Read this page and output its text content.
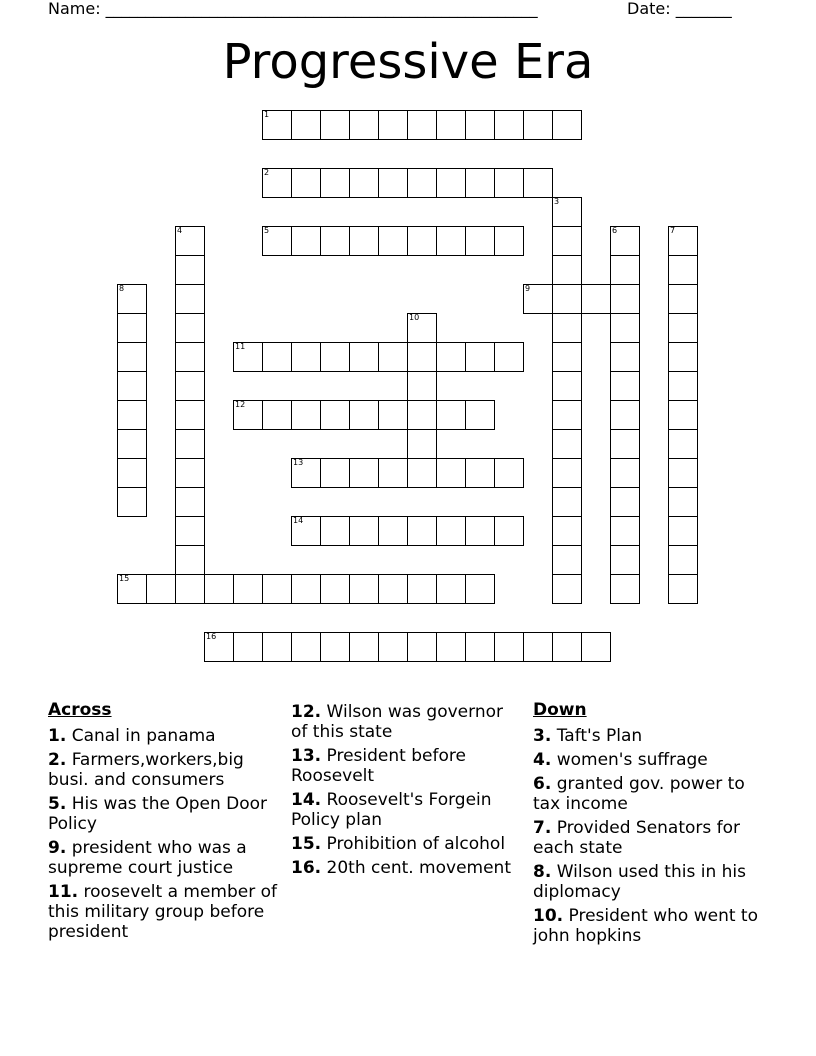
Name: ______________________________________________________	Date: _______
Progressive Era
1
2
3
4	5	6	7
8	9
10
11
12
13
14
15
16
Across
1. Canal in panama
2. Farmers,workers,big busi. and consumers
5. His was the Open Door Policy
9. president who was a supreme court justice
11. roosevelt a member of this military group before president
12. Wilson was governor of this state
13. President before Roosevelt
14. Roosevelt's Forgein Policy plan
15. Prohibition of alcohol
16. 20th cent. movement
Down
3. Taft's Plan
4. women's suffrage
6. granted gov. power to tax income
7. Provided Senators for each state
8. Wilson used this in his diplomacy
10. President who went to john hopkins
